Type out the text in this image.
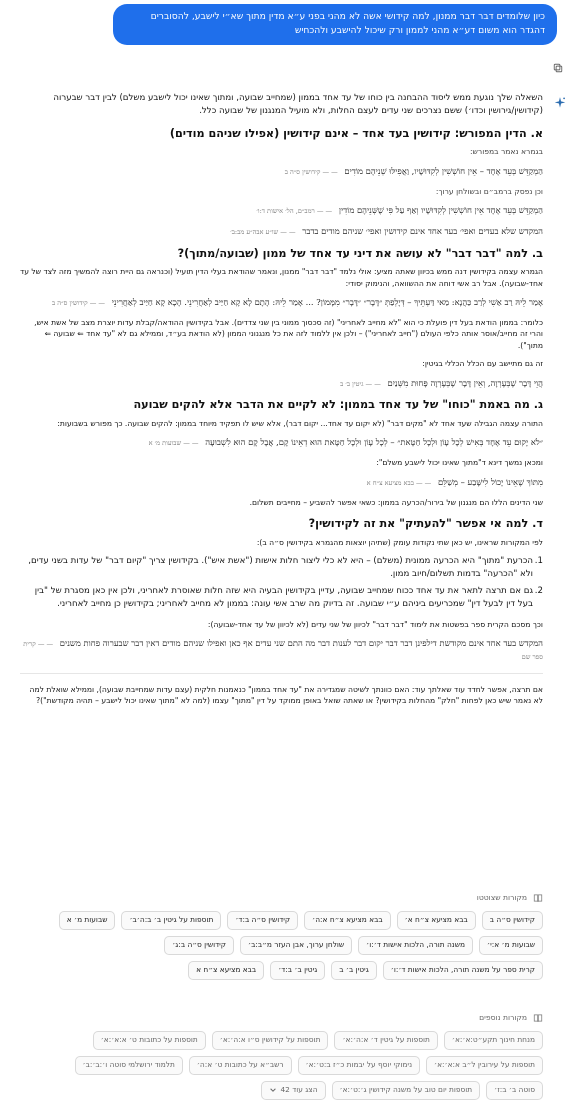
כיון שלומדים דבר דבר ממנון, למה קידושי אשה לא מהני בפני ע״א מדין מתוך שא״י לישבע, להסוברים דהגדר הוא משום דע״א מהני לממון ורק שיכול להישבע ולהכחיש

השאלה שלך נוגעת ממש ליסוד ההבחנה בין כוחו של עד אחד בממון (שמחייב שבועה, ומתוך שאינו יכול לישבע משלם) לבין דבר שבערוה (קידושין/גירושין וכדו׳) ששם נצרכים שני עדים לעצם החלות, ולא מועיל המנגנון של שבועה כלל.

א. הדין המפורש: קידושין בעד אחד – אינם קידושין (אפילו שניהם מודים)

בגמרא נאמר במפורש:

הַמְקַדֵּשׁ בְּעֵד אֶחָד – אֵין חוֹשְׁשִׁין לְקִדּוּשָׁיו, וַאֲפִילּוּ שְׁנֵיהֶם מוֹדִים — — קידושין ס״ה ב

וכן נפסק ברמב״ם ובשולחן ערוך:

הַמְקַדֵּשׁ בְּעֵד אֶחָד אֵין חוֹשְׁשִׁין לְקִדּוּשָׁיו וְאַף עַל פִּי שֶׁשְּׁנֵיהֶם מוֹדִין — — רמב״ם, הל׳ אישות ד:ו׳
המקדש שלא בעדים ואפי׳ בעד אחד אינם קידושין ואפי׳ שניהם מודים בדבר — — שו״ע אבה״ע מב:ב׳
ב. למה "דבר דבר" לא עושה את דיני עד אחד של ממון (שבועה/מתוך)?

הגמרא עצמה בקידושין דנה ממש בכיוון שאתה מציע: אולי נלמד "דבר דבר" ממנון, ונאמר שהודאת בעלי הדין תועיל (וכנראה גם היית רוצה להמשיך מזה לצד של עד אחד-שבועה). אבל רב אשי דוחה את ההשוואה, והנימוק יסודי:

אָמַר לֵיהּ רַב אַשִׁי לְרַב כַּהֲנָא: מַאי דַּעְתֵּיךְ – דְּיָלְפַתְּ ״דָּבָר״ ״דָּבָר״ מִמָּמוֹן? ... אָמַר לֵיהּ: הָתָם לָא קָא חַיַּיב לְאַחֲרִינֵי. הָכָא קָא חַיַּיב לְאַחֲרִינֵי — — קידושין ס״ה ב

כלומר: בממון הודאת בעל דין פועלת כי הוא "לא מחייב לאחריני" (זה סכסוך ממוני בין שני צדדים). אבל בקידושין ההודאה/קבלת עדות יוצרת מצב של אשת איש, והרי זה מחייב/אוסר אותה כלפי העולם ("חייב לאחריני") – ולכן אין ללמוד לזה את כל מנגנוני הממון (לא הודאת בע״ד, וממילא גם לא "עד אחד ⇐ שבועה ⇐ מתוך").

זה גם מתיישב עם הכלל הכללי בגיטין:

הֲוֵי דָּבָר שֶׁבְּעֶרְוָה, וְאֵין דָּבָר שֶׁבְּעֶרְוָה פָּחוּת מִשְּׁנַיִם — — גיטין ב׳ ב
ג. מה באמת "כוחו" של עד אחד בממון: לא לקיים את הדבר אלא להקים שבועה

התורה עצמה הגבילה שעד אחד לא "מקים דבר" (לא יקום עד אחד... יקום דבר), אלא שיש לו תפקיד מיוחד בממון: להקים שבועה. כך מפורש בשבועות:

״לֹא יָקוּם עֵד אֶחָד בְּאִישׁ לְכָל עָוֹן וּלְכָל חַטָּאת״ – לְכָל עָוֹן וּלְכָל חַטָּאת הוּא דְאֵינוֹ קָם, אֲבָל קָם הוּא לִשְׁבוּעָה — — שבועות מ׳ א

ומכאן נמשך דינא ד"מתוך שאינו יכול לישבע משלם":

מִתּוֹךְ שֶׁאֵינוֹ יָכוֹל לִישָּׁבַע – מְשַׁלֵּם — — בבא מציעא צ״ח א

שני הדינים הללו הם מנגנון של בירור/הכרעה בממון: כשאי אפשר להשביע – מחייבים תשלום.

ד. למה אי אפשר "להעתיק" את זה לקידושין?

לפי המקורות שראינו, יש כאן שתי נקודות עומק (שתיהן יוצאות מהגמרא בקידושין ס״ה ב):

1.
הכרעת "מתוך" היא הכרעה ממונית (משלם) – היא לא כלי ליצור חלות אישות ("אשת איש"). בקידושין צריך "קיום דבר" של עדות בשני עדים, ולא "הכרעה" בדמות תשלום/חיוב ממון.
2.
גם אם תרצה לתאר את עד אחד ככוח שמחייב שבועה, עדיין בקידושין הבעיה היא שזה חלות שאוסרת לאחריני, ולכן אין כאן מסגרת של "בין בעל דין לבעל דין" שמכריעים ביניהם ע״י שבועה. זה בדיוק מה שרב אשי עונה: בממון לא מחייב לאחריני; בקידושין כן מחייב לאחריני.

וכך מסכם הקרית ספר בפשטות את לימוד "דבר דבר" לכיוון של שני עדים (לא לכיוון של עד אחד-שבועה):

המקדש בעד אחד אינם מקודשת דילפינן דבר דבר יקום דבר לענות דבר מה התם שני עדים אף כאן ואפילו שניהם מודים דאין דבר שבערוה פחות משנים — — קרית ספר שם

אם תרצה, אפשר לחדד עוד שאלתך עוד: האם כוונתך לשיטה שמגדירה את "עד אחד בממון" כנאמנות חלקית (עצם עדות שמחייבת שבועה), וממילא שואלת למה לא נאמר שיש כאן לפחות "חלק" מהחלות בקידושין? או שאתה שואל באופן ממוקד על דין "מתוך" עצמו (למה לא "מתוך שאינו יכול לישבע – תהיה מקודשת")?

מקורות שצוטטו
קידושין ס״ה ב
בבא מציעא צ״ח א׳
בבא מציעא צ״ח א:ה׳
קידושין ס״ה ב:ד׳
תוספות על גיטין ב׳ ב:ה׳ב׳
שבועות מ׳ א
שבועות מ׳ א:י׳
משנה תורה, הלכות אישות ד׳:ו׳
שולחן ערוך, אבן העזר מ״ב:ב׳
קידושין ס״ה ב:ג׳
קרית ספר על משנה תורה, הלכות אישות ד׳:ו׳
גיטין ב׳ ב
גיטין ב׳ ב:ד׳
בבא מציעא צ״ח א
מקורות נוספים
מנחת חינוך תקע״ט:א׳:א׳
תוספות על גיטין ד׳ א:ה׳:א׳
תוספות על קידושין ס״ו א:ה׳:א׳
תוספות על כתובות ט׳ א:א׳:א׳
תוספות על עירובין ל״ב א:א׳:א׳
נימוקי יוסף על יבמות כ״ז ב:ט׳:א׳
רשב״א על כתובות ט׳ א:ה׳
תלמוד ירושלמי סוטה ו׳:ב׳:ב׳
סוטה ב׳ ב:ז׳
תוספות יום טוב על משנה קידושין ג׳:ט׳:א׳
הצג עוד 42
